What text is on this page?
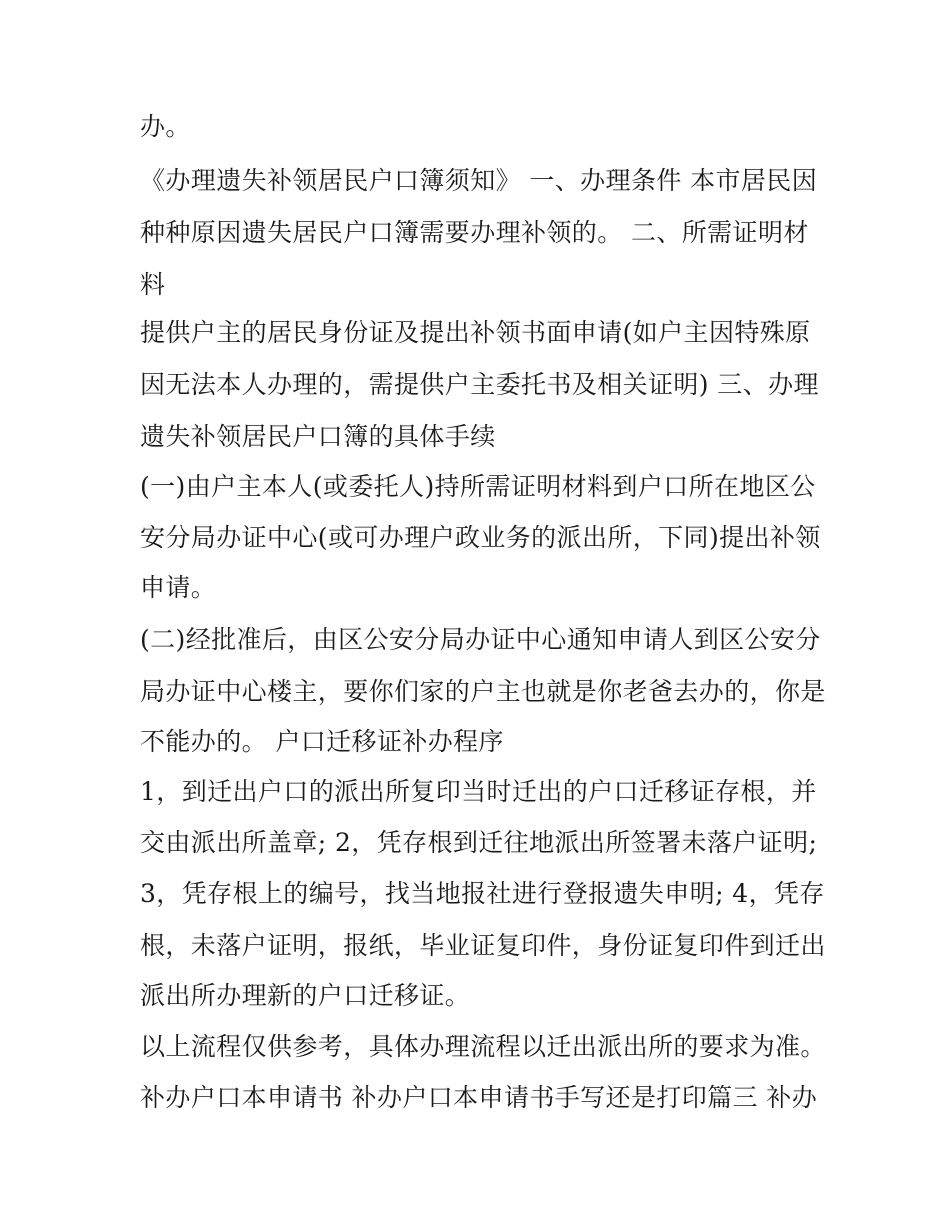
办。
《办理遗失补领居民户口簿须知》 一、办理条件 本市居民因
种种原因遗失居民户口簿需要办理补领的。 二、所需证明材
料
提供户主的居民身份证及提出补领书面申请(如户主因特殊原
因无法本人办理的，需提供户主委托书及相关证明) 三、办理
遗失补领居民户口簿的具体手续
(一)由户主本人(或委托人)持所需证明材料到户口所在地区公
安分局办证中心(或可办理户政业务的派出所，下同)提出补领
申请。
(二)经批准后，由区公安分局办证中心通知申请人到区公安分
局办证中心楼主，要你们家的户主也就是你老爸去办的，你是
不能办的。 户口迁移证补办程序
1，到迁出户口的派出所复印当时迁出的户口迁移证存根，并
交由派出所盖章; 2，凭存根到迁往地派出所签署未落户证明;
3，凭存根上的编号，找当地报社进行登报遗失申明; 4，凭存
根，未落户证明，报纸，毕业证复印件，身份证复印件到迁出
派出所办理新的户口迁移证。
以上流程仅供参考，具体办理流程以迁出派出所的要求为准。
补办户口本申请书 补办户口本申请书手写还是打印篇三 补办
